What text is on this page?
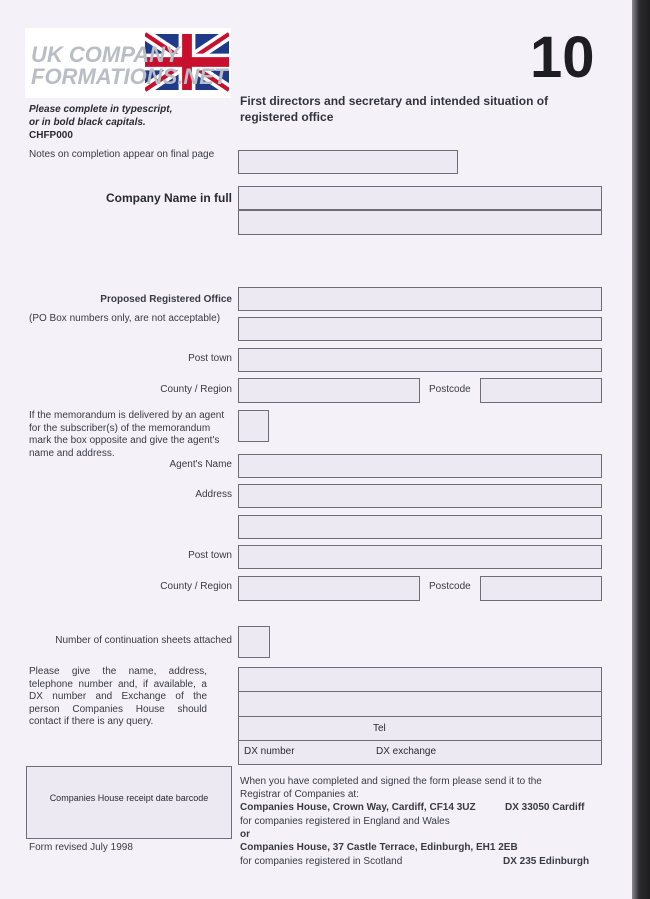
UK COMPANY
FORMATIONS.NET	10
First directors and secretary and intended situation of registered office
Please complete in typescript,
or in bold black capitals.
CHFP000
Notes on completion appear on final page
Company Name in full
Proposed Registered Office
(PO Box numbers only, are not acceptable)
Post town
County / Region	Postcode
If the memorandum is delivered by an agent for the subscriber(s) of the memorandum mark the box opposite and give the agent's name and address.
Agent's Name
Address
Post town
County / Region	Postcode
Number of continuation sheets attached
Please give the name, address, telephone number and, if available, a DX number and Exchange of the person Companies House should contact if there is any query.
Tel
DX number	DX exchange
Companies House receipt date barcode
Form revised July 1998
When you have completed and signed the form please send it to the Registrar of Companies at:
Companies House, Crown Way, Cardiff, CF14 3UZ	DX 33050 Cardiff
for companies registered in England and Wales
or
Companies House, 37 Castle Terrace, Edinburgh, EH1 2EB
for companies registered in Scotland	DX 235 Edinburgh
